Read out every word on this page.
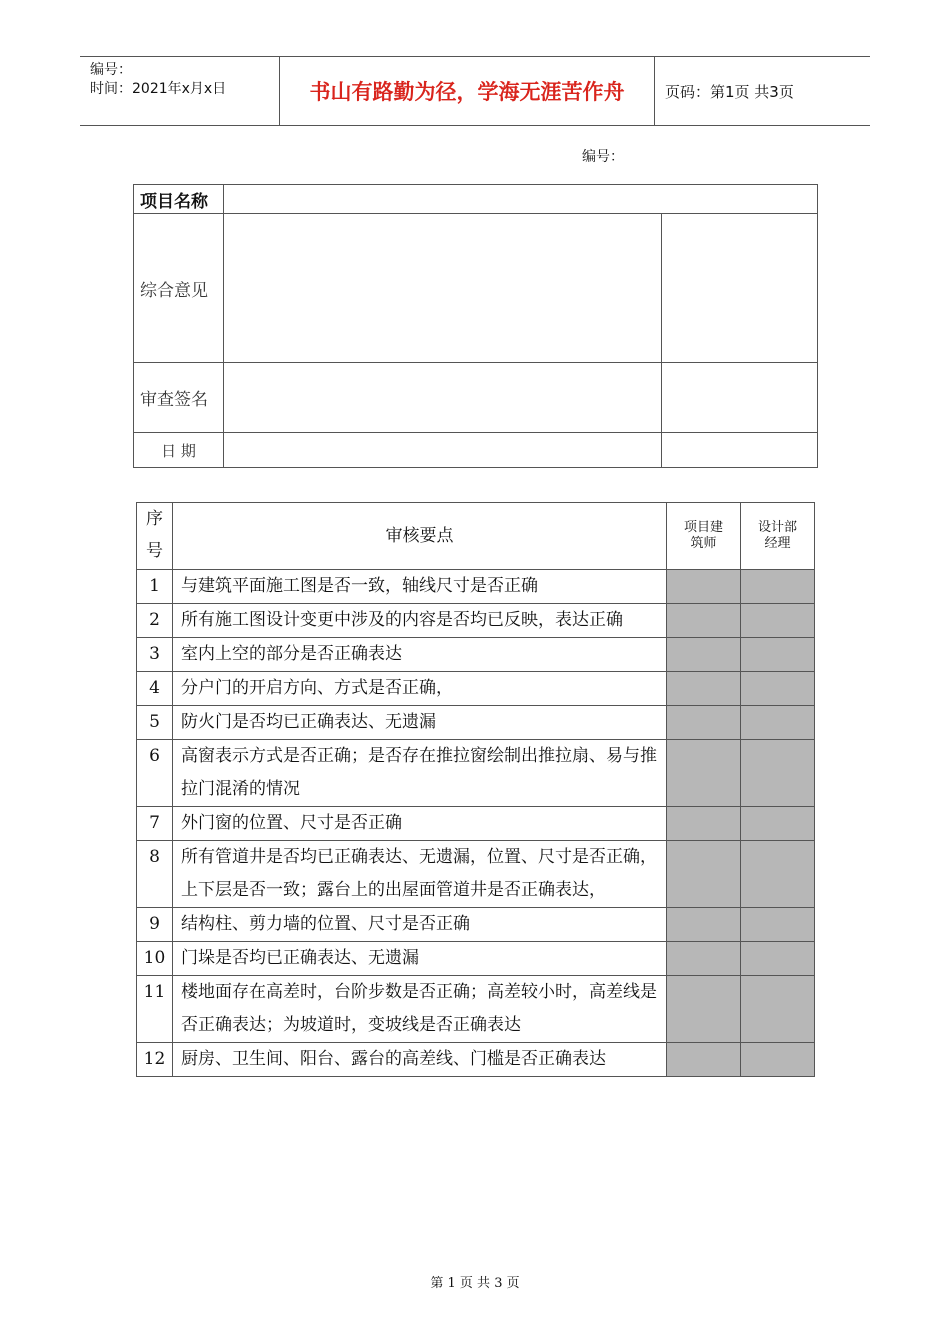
编号：
时间：2021年x月x日	书山有路勤为径，学海无涯苦作舟	页码：第1页 共3页
编号：
项目名称		
综合意见		
审查签名		
日 期		
序号	审核要点	项目建筑师	设计部经理

1	与建筑平面施工图是否一致，轴线尺寸是否正确		
2	所有施工图设计变更中涉及的内容是否均已反映，表达正确		
3	室内上空的部分是否正确表达		
4	分户门的开启方向、方式是否正确，		
5	防火门是否均已正确表达、无遗漏		
6	高窗表示方式是否正确；是否存在推拉窗绘制出推拉扇、易与推拉门混淆的情况		
7	外门窗的位置、尺寸是否正确		
8	所有管道井是否均已正确表达、无遗漏，位置、尺寸是否正确，上下层是否一致；露台上的出屋面管道井是否正确表达，		
9	结构柱、剪力墙的位置、尺寸是否正确		
10	门垛是否均已正确表达、无遗漏		
11	楼地面存在高差时，台阶步数是否正确；高差较小时，高差线是否正确表达；为坡道时，变坡线是否正确表达		
12	厨房、卫生间、阳台、露台的高差线、门槛是否正确表达		
第 1 页 共 3 页
